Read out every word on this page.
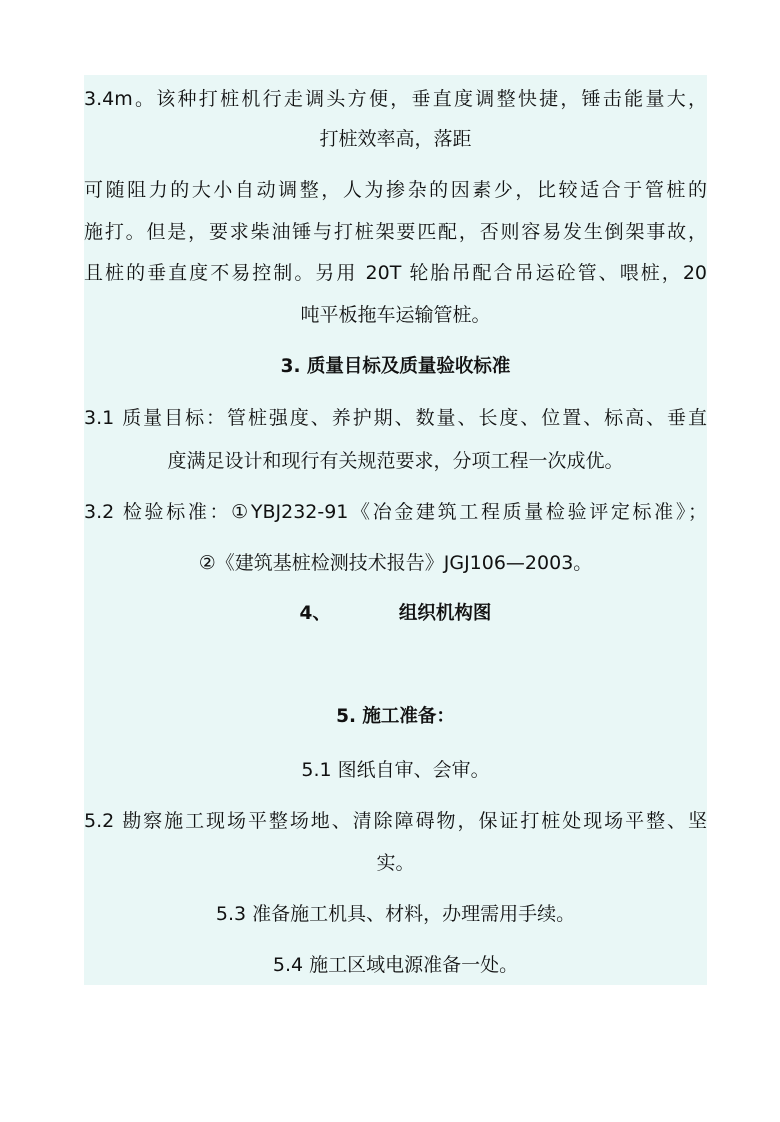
3.4m。该种打桩机行走调头方便，垂直度调整快捷，锤击能量大，
打桩效率高，落距
可随阻力的大小自动调整，人为掺杂的因素少，比较适合于管桩的
施打。但是，要求柴油锤与打桩架要匹配，否则容易发生倒架事故，
且桩的垂直度不易控制。另用 20T 轮胎吊配合吊运砼管、喂桩，20
吨平板拖车运输管桩。
3. 质量目标及质量验收标准
3.1 质量目标：管桩强度、养护期、数量、长度、位置、标高、垂直
度满足设计和现行有关规范要求，分项工程一次成优。
3.2 检验标准：①YBJ232-91《冶金建筑工程质量检验评定标准》；
②《建筑基桩检测技术报告》JGJ106—2003。
4、	组织机构图
5. 施工准备：
5.1 图纸自审、会审。
5.2 勘察施工现场平整场地、清除障碍物，保证打桩处现场平整、坚
实。
5.3 准备施工机具、材料，办理需用手续。
5.4 施工区域电源准备一处。
